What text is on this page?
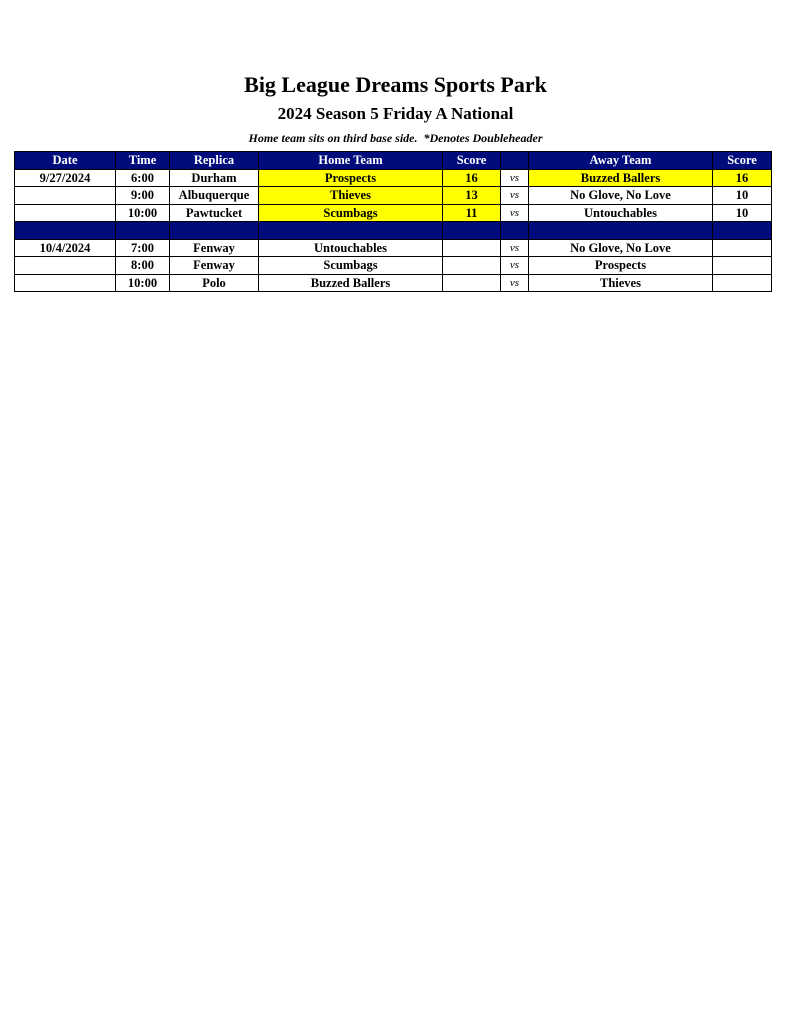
Big League Dreams Sports Park
2024 Season 5 Friday A National
Home team sits on third base side.  *Denotes Doubleheader
Date	Time	Replica	Home Team	Score		Away Team	Score
9/27/2024	6:00	Durham	Prospects	16	vs	Buzzed Ballers	16
	9:00	Albuquerque	Thieves	13	vs	No Glove, No Love	10
	10:00	Pawtucket	Scumbags	11	vs	Untouchables	10

10/4/2024	7:00	Fenway	Untouchables		vs	No Glove, No Love	
	8:00	Fenway	Scumbags		vs	Prospects	
	10:00	Polo	Buzzed Ballers		vs	Thieves	
